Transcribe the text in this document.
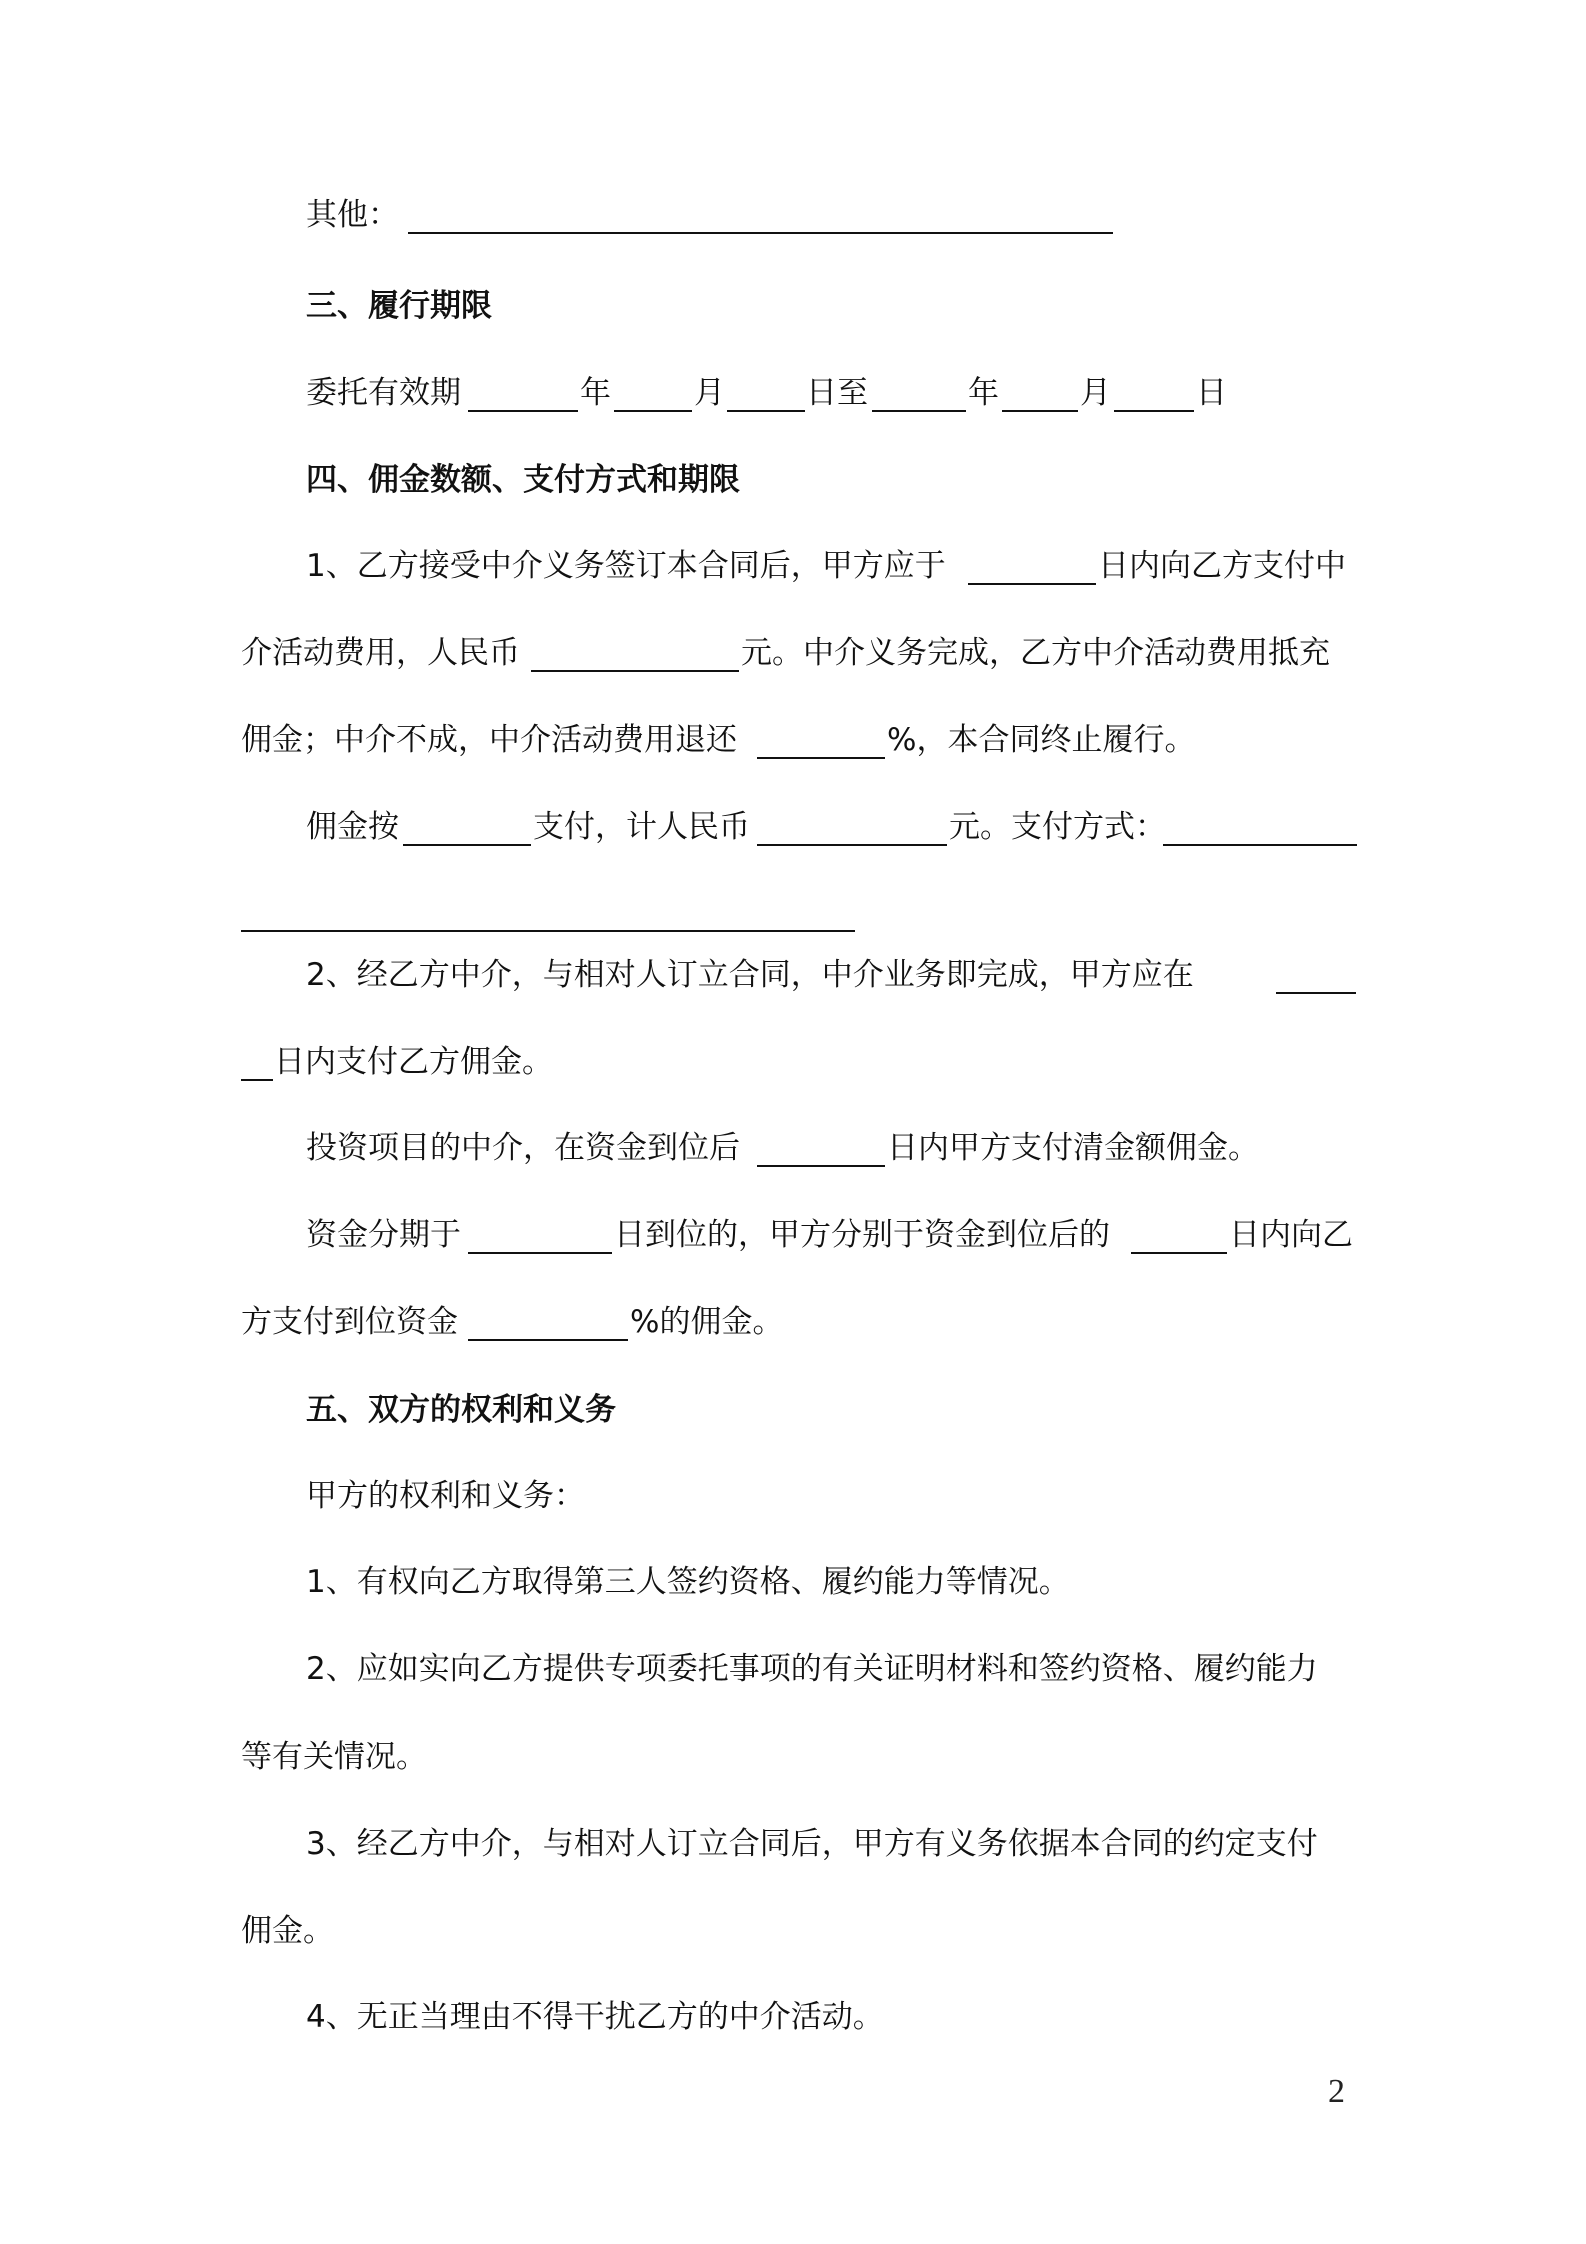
其他：
三、履行期限
委托有效期	年	月	日至	年	月	日
四、佣金数额、支付方式和期限
1、乙方接受中介义务签订本合同后，甲方应于	日内向乙方支付中
介活动费用，人民币	元。中介义务完成，乙方中介活动费用抵充
佣金；中介不成，中介活动费用退还	%，本合同终止履行。
佣金按	支付，计人民币	元。支付方式：
2、经乙方中介，与相对人订立合同，中介业务即完成，甲方应在
日内支付乙方佣金。
投资项目的中介，在资金到位后	日内甲方支付清金额佣金。
资金分期于	日到位的，甲方分别于资金到位后的	日内向乙
方支付到位资金	%的佣金。
五、双方的权利和义务
甲方的权利和义务：
1、有权向乙方取得第三人签约资格、履约能力等情况。
2、应如实向乙方提供专项委托事项的有关证明材料和签约资格、履约能力
等有关情况。
3、经乙方中介，与相对人订立合同后，甲方有义务依据本合同的约定支付
佣金。
4、无正当理由不得干扰乙方的中介活动。
2
